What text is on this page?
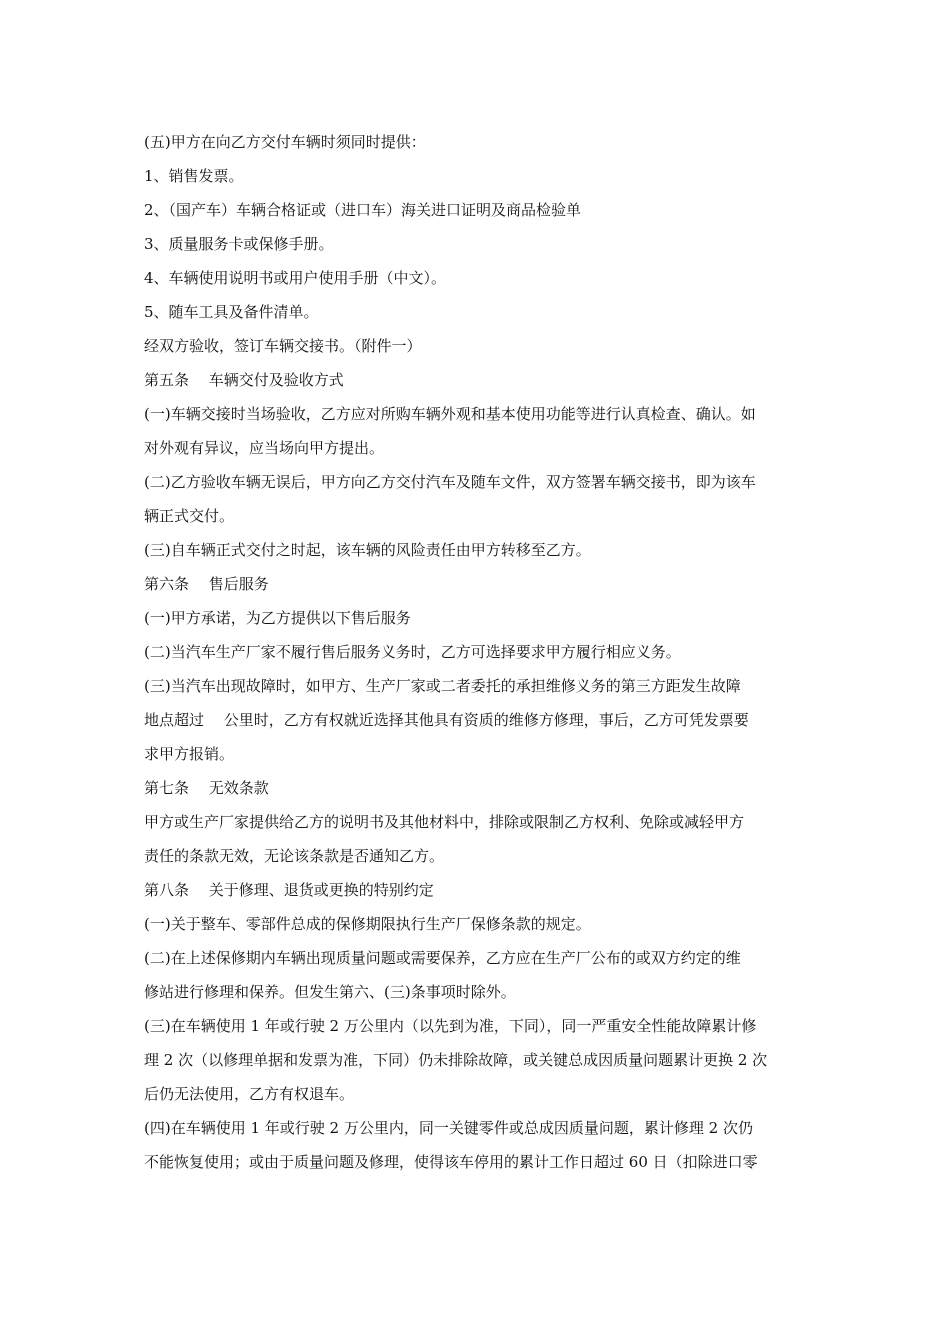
(五)甲方在向乙方交付车辆时须同时提供：
1、销售发票。
2、（国产车）车辆合格证或（进口车）海关进口证明及商品检验单
3、质量服务卡或保修手册。
4、车辆使用说明书或用户使用手册（中文）。
5、随车工具及备件清单。
经双方验收，签订车辆交接书。（附件一）
第五条　 车辆交付及验收方式
(一)车辆交接时当场验收，乙方应对所购车辆外观和基本使用功能等进行认真检查、确认。如
对外观有异议，应当场向甲方提出。
(二)乙方验收车辆无误后，甲方向乙方交付汽车及随车文件，双方签署车辆交接书，即为该车
辆正式交付。
(三)自车辆正式交付之时起，该车辆的风险责任由甲方转移至乙方。
第六条　 售后服务
(一)甲方承诺，为乙方提供以下售后服务
(二)当汽车生产厂家不履行售后服务义务时，乙方可选择要求甲方履行相应义务。
(三)当汽车出现故障时，如甲方、生产厂家或二者委托的承担维修义务的第三方距发生故障
地点超过　 公里时，乙方有权就近选择其他具有资质的维修方修理，事后，乙方可凭发票要
求甲方报销。
第七条　 无效条款
甲方或生产厂家提供给乙方的说明书及其他材料中，排除或限制乙方权利、免除或减轻甲方
责任的条款无效，无论该条款是否通知乙方。
第八条　 关于修理、退货或更换的特别约定
(一)关于整车、零部件总成的保修期限执行生产厂保修条款的规定。
(二)在上述保修期内车辆出现质量问题或需要保养，乙方应在生产厂公布的或双方约定的维
修站进行修理和保养。但发生第六、(三)条事项时除外。
(三)在车辆使用 1 年或行驶 2 万公里内（以先到为准，下同），同一严重安全性能故障累计修
理 2 次（以修理单据和发票为准，下同）仍未排除故障，或关键总成因质量问题累计更换 2 次
后仍无法使用，乙方有权退车。
(四)在车辆使用 1 年或行驶 2 万公里内，同一关键零件或总成因质量问题，累计修理 2 次仍
不能恢复使用；或由于质量问题及修理，使得该车停用的累计工作日超过 60 日（扣除进口零
